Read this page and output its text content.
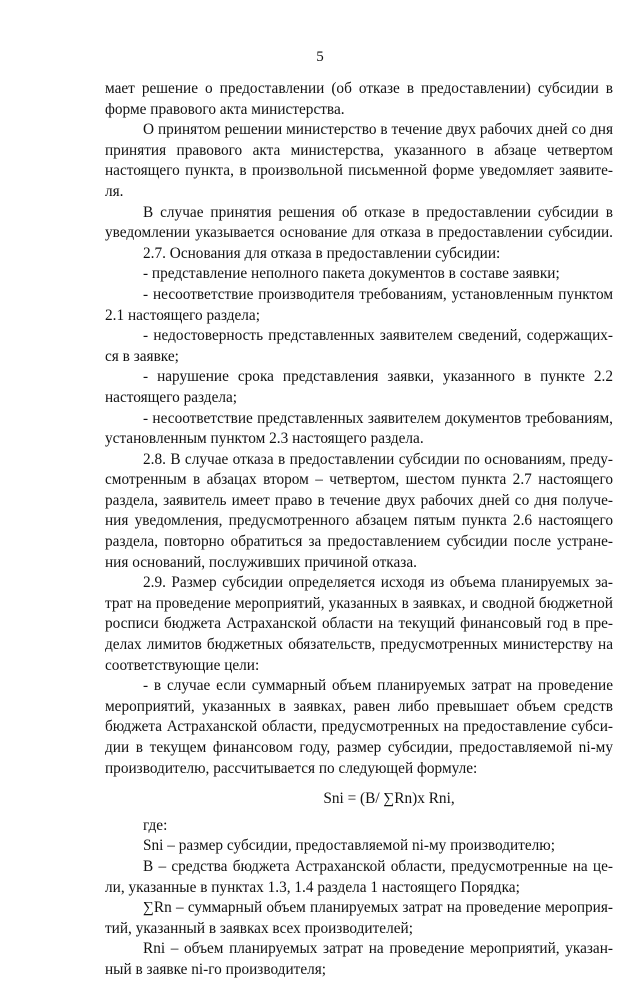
5
мает решение о предоставлении (об отказе в предоставлении) субсидии в
форме правового акта министерства.
О принятом решении министерство в течение двух рабочих дней со дня
принятия правового акта министерства, указанного в абзаце четвертом
настоящего пункта, в произвольной письменной форме уведомляет заявите-
ля.
В случае принятия решения об отказе в предоставлении субсидии в
уведомлении указывается основание для отказа в предоставлении субсидии.
2.7. Основания для отказа в предоставлении субсидии:
- представление неполного пакета документов в составе заявки;
- несоответствие производителя требованиям, установленным пунктом
2.1 настоящего раздела;
- недостоверность представленных заявителем сведений, содержащих-
ся в заявке;
- нарушение срока представления заявки, указанного в пункте 2.2
настоящего раздела;
- несоответствие представленных заявителем документов требованиям,
установленным пунктом 2.3 настоящего раздела.
2.8. В случае отказа в предоставлении субсидии по основаниям, преду-
смотренным в абзацах втором – четвертом, шестом пункта 2.7 настоящего
раздела, заявитель имеет право в течение двух рабочих дней со дня получе-
ния уведомления, предусмотренного абзацем пятым пункта 2.6 настоящего
раздела, повторно обратиться за предоставлением субсидии после устране-
ния оснований, послуживших причиной отказа.
2.9. Размер субсидии определяется исходя из объема планируемых за-
трат на проведение мероприятий, указанных в заявках, и сводной бюджетной
росписи бюджета Астраханской области на текущий финансовый год в пре-
делах лимитов бюджетных обязательств, предусмотренных министерству на
соответствующие цели:
- в случае если суммарный объем планируемых затрат на проведение
мероприятий, указанных в заявках, равен либо превышает объем средств
бюджета Астраханской области, предусмотренных на предоставление субси-
дии в текущем финансовом году, размер субсидии, предоставляемой ni-му
производителю, рассчитывается по следующей формуле:
Sni = (B/ ∑Rn)x Rni,
где:
Sni – размер субсидии, предоставляемой ni-му производителю;
B – средства бюджета Астраханской области, предусмотренные на це-
ли, указанные в пунктах 1.3, 1.4 раздела 1 настоящего Порядка;
∑Rn – суммарный объем планируемых затрат на проведение мероприя-
тий, указанный в заявках всех производителей;
Rni – объем планируемых затрат на проведение мероприятий, указан-
ный в заявке ni-го производителя;
